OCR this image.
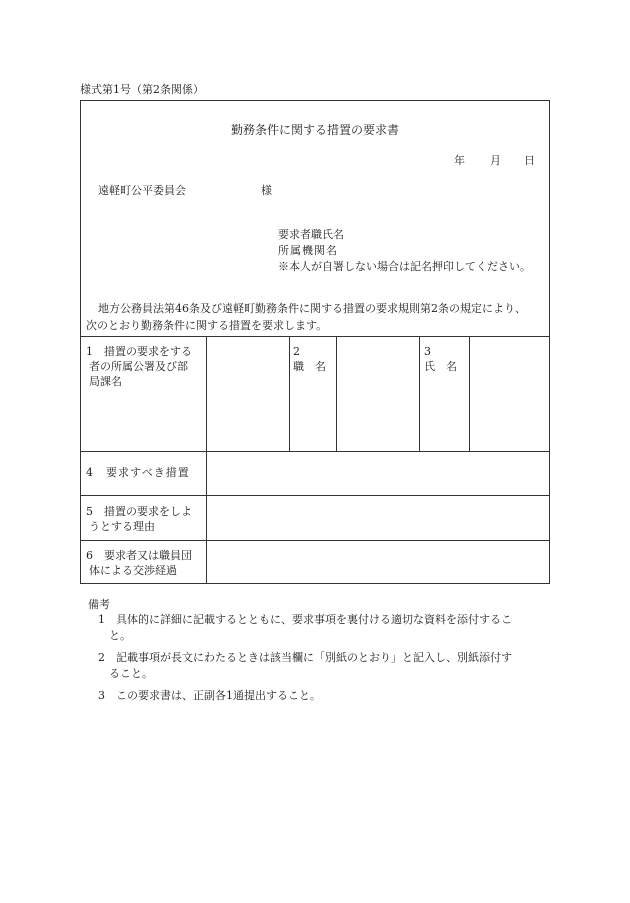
様式第1号（第2条関係）
勤務条件に関する措置の要求書
年 月 日
遠軽町公平委員会	様
要求者職氏名
所属機関名
※本人が自署しない場合は記名押印してください。
地方公務員法第46条及び遠軽町勤務条件に関する措置の要求規則第2条の規定により、
次のとおり勤務条件に関する措置を要求します。
1　 措置の要求をする
者の所属公署及び部
局課名
2
職　名
3
氏　名
4　要求すべき措置
5　措置の要求をしよ
うとする理由
6　要求者又は職員団
体による交渉経過
備考
1 具体的に詳細に記載するとともに、要求事項を裏付ける適切な資料を添付するこ
と。
2 記載事項が長文にわたるときは該当欄に「別紙のとおり」と記入し、別紙添付す
ること。
3 この要求書は、正副各1通提出すること。
